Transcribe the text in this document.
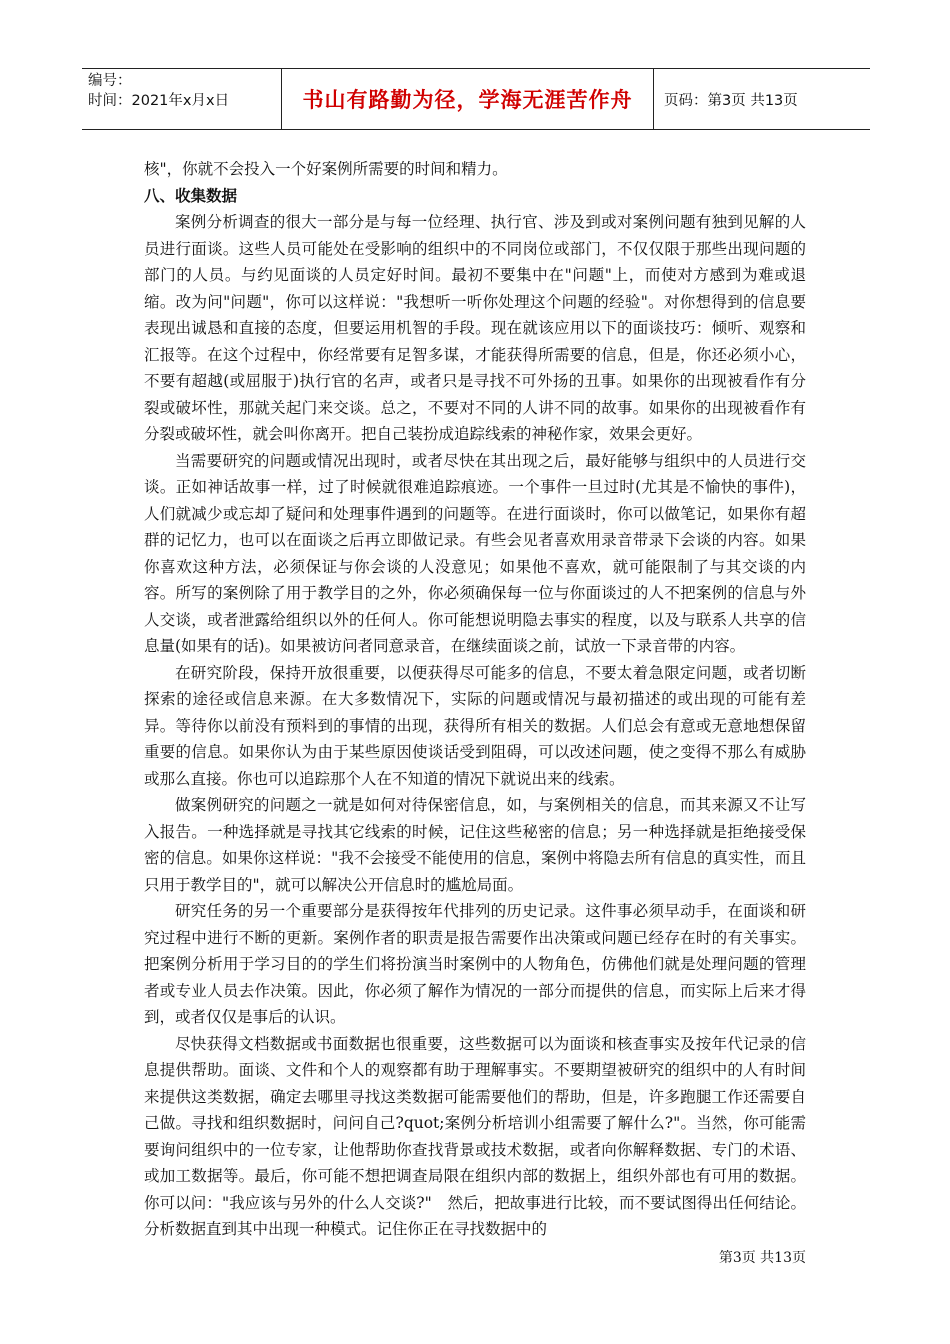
编号：
时间：2021年x月x日	书山有路勤为径，学海无涯苦作舟	页码：第3页 共13页

核"，你就不会投入一个好案例所需要的时间和精力。

八、收集数据

案例分析调查的很大一部分是与每一位经理、执行官、涉及到或对案例问题有独到见解的人员进行面谈。这些人员可能处在受影响的组织中的不同岗位或部门，不仅仅限于那些出现问题的部门的人员。与约见面谈的人员定好时间。最初不要集中在"问题"上，而使对方感到为难或退缩。改为问"问题"，你可以这样说："我想听一听你处理这个问题的经验"。对你想得到的信息要表现出诚恳和直接的态度，但要运用机智的手段。现在就该应用以下的面谈技巧：倾听、观察和汇报等。在这个过程中，你经常要有足智多谋，才能获得所需要的信息，但是，你还必须小心，不要有超越(或屈服于)执行官的名声，或者只是寻找不可外扬的丑事。如果你的出现被看作有分裂或破坏性，那就关起门来交谈。总之，不要对不同的人讲不同的故事。如果你的出现被看作有分裂或破坏性，就会叫你离开。把自己装扮成追踪线索的神秘作家，效果会更好。

当需要研究的问题或情况出现时，或者尽快在其出现之后，最好能够与组织中的人员进行交谈。正如神话故事一样，过了时候就很难追踪痕迹。一个事件一旦过时(尤其是不愉快的事件)，人们就减少或忘却了疑问和处理事件遇到的问题等。在进行面谈时，你可以做笔记，如果你有超群的记忆力，也可以在面谈之后再立即做记录。有些会见者喜欢用录音带录下会谈的内容。如果你喜欢这种方法，必须保证与你会谈的人没意见；如果他不喜欢，就可能限制了与其交谈的内容。所写的案例除了用于教学目的之外，你必须确保每一位与你面谈过的人不把案例的信息与外人交谈，或者泄露给组织以外的任何人。你可能想说明隐去事实的程度，以及与联系人共享的信息量(如果有的话)。如果被访问者同意录音，在继续面谈之前，试放一下录音带的内容。

在研究阶段，保持开放很重要，以便获得尽可能多的信息，不要太着急限定问题，或者切断探索的途径或信息来源。在大多数情况下，实际的问题或情况与最初描述的或出现的可能有差异。等待你以前没有预料到的事情的出现，获得所有相关的数据。人们总会有意或无意地想保留重要的信息。如果你认为由于某些原因使谈话受到阻碍，可以改述问题，使之变得不那么有威胁或那么直接。你也可以追踪那个人在不知道的情况下就说出来的线索。

做案例研究的问题之一就是如何对待保密信息，如，与案例相关的信息，而其来源又不让写入报告。一种选择就是寻找其它线索的时候，记住这些秘密的信息；另一种选择就是拒绝接受保密的信息。如果你这样说："我不会接受不能使用的信息，案例中将隐去所有信息的真实性，而且只用于教学目的"，就可以解决公开信息时的尴尬局面。

研究任务的另一个重要部分是获得按年代排列的历史记录。这件事必须早动手，在面谈和研究过程中进行不断的更新。案例作者的职责是报告需要作出决策或问题已经存在时的有关事实。把案例分析用于学习目的的学生们将扮演当时案例中的人物角色，仿佛他们就是处理问题的管理者或专业人员去作决策。因此，你必须了解作为情况的一部分而提供的信息，而实际上后来才得到，或者仅仅是事后的认识。

尽快获得文档数据或书面数据也很重要，这些数据可以为面谈和核查事实及按年代记录的信息提供帮助。面谈、文件和个人的观察都有助于理解事实。不要期望被研究的组织中的人有时间来提供这类数据，确定去哪里寻找这类数据可能需要他们的帮助，但是，许多跑腿工作还需要自己做。寻找和组织数据时，问问自己?quot;案例分析培训小组需要了解什么?"。当然，你可能需要询问组织中的一位专家，让他帮助你查找背景或技术数据，或者向你解释数据、专门的术语、或加工数据等。最后，你可能不想把调查局限在组织内部的数据上，组织外部也有可用的数据。你可以问："我应该与另外的什么人交谈?"　然后，把故事进行比较，而不要试图得出任何结论。分析数据直到其中出现一种模式。记住你正在寻找数据中的

第3页 共13页
